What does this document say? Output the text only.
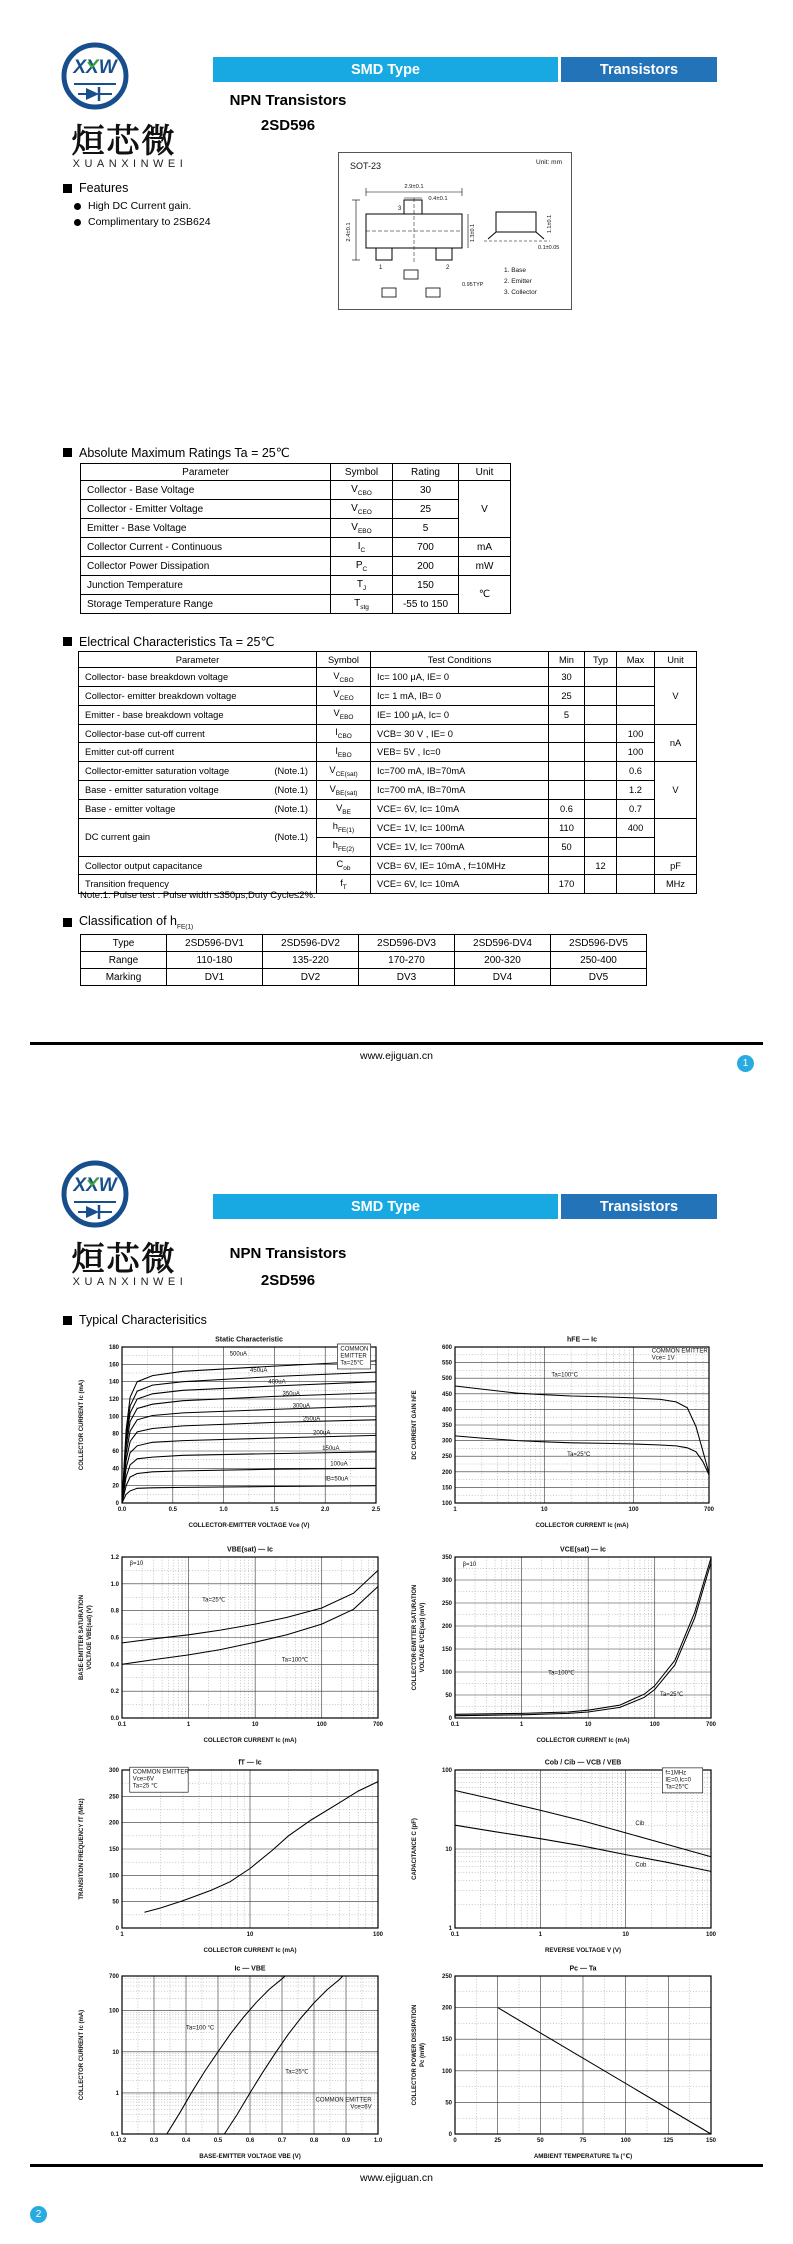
XXW
烜芯微
XUANXINWEI
SMD Type	Transistors
NPN Transistors
2SD596
Features
High DC Current gain.
Complimentary to 2SB624
SOT-23	Unit: mm
2.9±0.1
0.4±0.1
3
1	2
2.4±0.1	1.3±0.1	1.1±0.1
0.1±0.05
0.95TYP
1. Base
2. Emitter
3. Collector
Absolute Maximum Ratings Ta = 25℃
Parameter	Symbol	Rating	Unit
Collector - Base Voltage	$V_{CBO}$	30	V
Collector - Emitter Voltage	$V_{CEO}$	25	
Emitter - Base Voltage	$V_{EBO}$	5	
Collector Current - Continuous	$I_C$	700	mA
Collector Power Dissipation	$P_C$	200	mW
Junction Temperature	$T_J$	150	℃
Storage Temperature Range	$T_{stg}$	-55 to 150	
Electrical Characteristics Ta = 25℃
Parameter	Symbol	Test Conditions	Min	Typ	Max	Unit
Collector- base breakdown voltage	$V_{CBO}$	Ic= 100 μA, IE= 0	30			V
Collector- emitter breakdown voltage	$V_{CEO}$	Ic= 1 mA, IB= 0	25			
Emitter - base breakdown voltage	$V_{EBO}$	IE= 100 μA, Ic= 0	5			
Collector-base cut-off current	$I_{CBO}$	VCB= 30 V , IE= 0			100	nA
Emitter cut-off current	$I_{EBO}$	VEB= 5V , Ic=0			100	
Collector-emitter saturation voltage (Note.1)	$V_{CE(sat)}$	Ic=700 mA, IB=70mA			0.6	V
Base - emitter saturation voltage (Note.1)	$V_{BE(sat)}$	Ic=700 mA, IB=70mA			1.2	
Base - emitter voltage (Note.1)	$V_{BE}$	VCE= 6V, Ic= 10mA	0.6		0.7	
DC current gain (Note.1)	$h_{FE(1)}$	VCE= 1V, Ic= 100mA	110		400	
	$h_{FE(2)}$	VCE= 1V, Ic= 700mA	50			
Collector output capacitance	$C_{ob}$	VCB= 6V, IE= 10mA , f=10MHz		12		pF
Transition frequency	$f_T$	VCE= 6V, Ic= 10mA	170			MHz
Note.1: Pulse test : Pulse width ≤350μs,Duty Cycle≤2%.
Classification of $h_{FE(1)}$
Type	2SD596-DV1	2SD596-DV2	2SD596-DV3	2SD596-DV4	2SD596-DV5
Range	110-180	135-220	170-270	200-320	250-400
Marking	DV1	DV2	DV3	DV4	DV5
www.ejiguan.cn
1
XXW
烜芯微
XUANXINWEI
SMD Type	Transistors
NPN Transistors
2SD596
Typical Characterisitics
0.0	0.5	1.0	1.5	2.0	2.5
0
20
40
60
80
100
120
140
160
180	COMMON
EMITTER
Ta=25℃
500uA
450uA
400uA
350uA
300uA
250uA
200uA
150uA
100uA
IB=50uA
Static Characteristic
COLLECTOR-EMITTER VOLTAGE Vce (V)
COLLECTOR CURRENT Ic (mA)
1	10	100	700
100
150
200
250
300
350
400
450
500
550
600
COMMON EMITTER
Vce= 1V
Ta=100°C
Ta=25°C
hFE — Ic
COLLECTOR CURRENT Ic (mA)
DC CURRENT GAIN hFE
0.1	1	10	100	700
0.0
0.2
0.4
0.6
0.8
1.0
1.2
β=10
Ta=25℃
Ta=100℃
VBE(sat) — Ic
COLLECTOR CURRENT Ic (mA)
BASE-EMITTER SATURATION VOLTAGE VBE(sat) (V)
0.1	1	10	100	700
0
50
100
150
200
250
300
350
β=10
Ta=100℃
Ta=25℃
VCE(sat) — Ic
COLLECTOR CURRENT Ic (mA)
COLLECTOR-EMITTER SATURATION VOLTAGE VCE(sat) (mV)
1	10	100
0
50
100
150
200
250
300 COMMON EMITTER
Vce=6V
Ta=25 ℃
fT — Ic
COLLECTOR CURRENT Ic (mA)
TRANSITION FREQUENCY fT (MHz)
0.1	1	10	100
1
10
100	f=1MHz
IE=0,Ic=0
Ta=25℃
Cib
Cob
Cob / Cib — VCB / VEB
REVERSE VOLTAGE V (V)
CAPACITANCE C (pF)
0.2	0.3	0.4	0.5	0.6	0.7	0.8	0.9	1.0
0.1
1
10
100
700
Ta=100 °C
Ta=25℃
COMMON EMITTER
Vce=6V
Ic — VBE
BASE-EMITTER VOLTAGE VBE (V)
COLLECTOR CURRENT Ic (mA)
0	25	50	75	100	125	150
0
50
100
150
200
250
Pc — Ta
AMBIENT TEMPERATURE Ta (℃)
COLLECTOR POWER DISSIPATION Pc (mW)
www.ejiguan.cn
2
